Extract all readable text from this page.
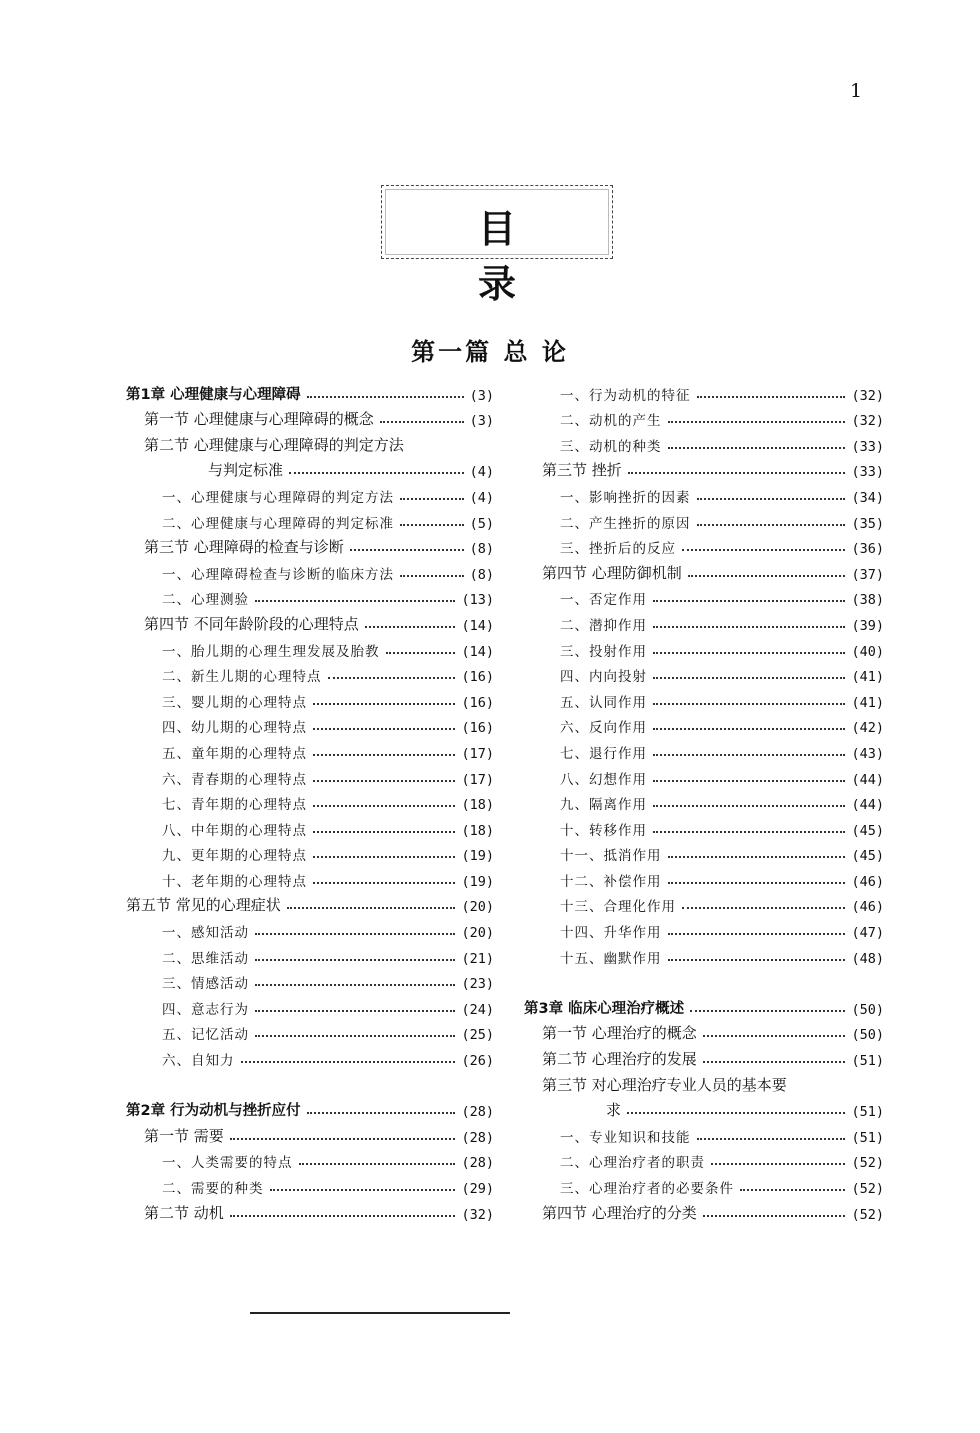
1
目 录
第一篇 总 论
第1章 心理健康与心理障碍	(3)
第一节 心理健康与心理障碍的概念	(3)
第二节 心理健康与心理障碍的判定方法
与判定标准	(4)
一、心理健康与心理障碍的判定方法	(4)
二、心理健康与心理障碍的判定标准	(5)
第三节 心理障碍的检查与诊断	(8)
一、心理障碍检查与诊断的临床方法	(8)
二、心理测验	(13)
第四节 不同年龄阶段的心理特点	(14)
一、胎儿期的心理生理发展及胎教	(14)
二、新生儿期的心理特点	(16)
三、婴儿期的心理特点	(16)
四、幼儿期的心理特点	(16)
五、童年期的心理特点	(17)
六、青春期的心理特点	(17)
七、青年期的心理特点	(18)
八、中年期的心理特点	(18)
九、更年期的心理特点	(19)
十、老年期的心理特点	(19)
第五节 常见的心理症状	(20)
一、感知活动	(20)
二、思维活动	(21)
三、情感活动	(23)
四、意志行为	(24)
五、记忆活动	(25)
六、自知力	(26)
第2章 行为动机与挫折应付	(28)
第一节 需要	(28)
一、人类需要的特点	(28)
二、需要的种类	(29)
第二节 动机	(32)
一、行为动机的特征	(32)
二、动机的产生	(32)
三、动机的种类	(33)
第三节 挫折	(33)
一、影响挫折的因素	(34)
二、产生挫折的原因	(35)
三、挫折后的反应	(36)
第四节 心理防御机制	(37)
一、否定作用	(38)
二、潜抑作用	(39)
三、投射作用	(40)
四、内向投射	(41)
五、认同作用	(41)
六、反向作用	(42)
七、退行作用	(43)
八、幻想作用	(44)
九、隔离作用	(44)
十、转移作用	(45)
十一、抵消作用	(45)
十二、补偿作用	(46)
十三、合理化作用	(46)
十四、升华作用	(47)
十五、幽默作用	(48)
第3章 临床心理治疗概述	(50)
第一节 心理治疗的概念	(50)
第二节 心理治疗的发展	(51)
第三节 对心理治疗专业人员的基本要
求	(51)
一、专业知识和技能	(51)
二、心理治疗者的职责	(52)
三、心理治疗者的必要条件	(52)
第四节 心理治疗的分类	(52)
